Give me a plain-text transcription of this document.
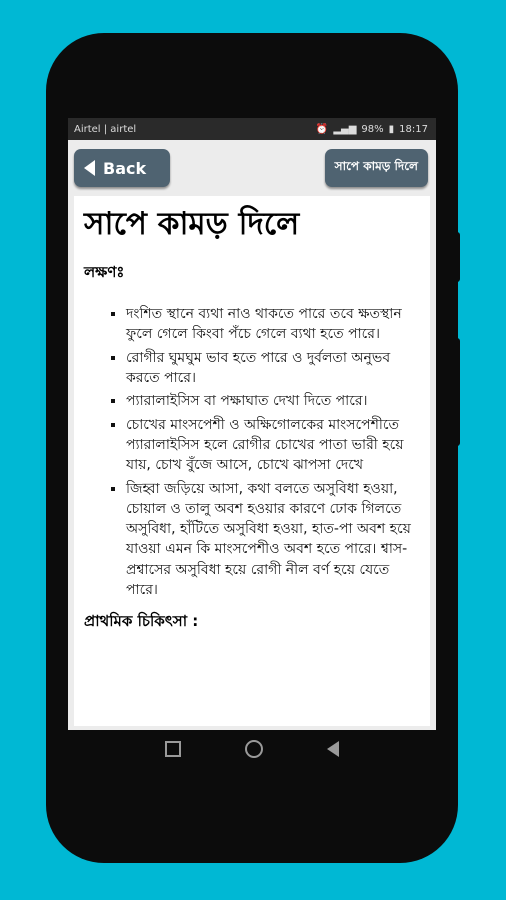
Airtel | airtel	⏰ ▂▄▆ 98% ▮ 18:17
Back	সাপে কামড় দিলে
সাপে কামড় দিলে
লক্ষণঃ
▪ দংশিত স্থানে ব্যথা নাও থাকতে পারে তবে ক্ষতস্থান ফুলে গেলে কিংবা পঁচে গেলে ব্যথা হতে পারে।
▪ রোগীর ঘুমঘুম ভাব হতে পারে ও দুর্বলতা অনুভব করতে পারে।
▪ প্যারালাইসিস বা পক্ষাঘাত দেখা দিতে পারে।
▪ চোখের মাংসপেশী ও অক্ষিগোলকের মাংসপেশীতে প্যারালাইসিস হলে রোগীর চোখের পাতা ভারী হয়ে যায়, চোখ বুঁজে আসে, চোখে ঝাপসা দেখে
▪ জিহ্বা জড়িয়ে আসা, কথা বলতে অসুবিধা হওয়া, চোয়াল ও তালু অবশ হওয়ার কারণে ঢোক গিলতে অসুবিধা, হাঁটিতে অসুবিধা হওয়া, হাত-পা অবশ হয়ে যাওয়া এমন কি মাংসপেশীও অবশ হতে পারে। শ্বাস-প্রশ্বাসের অসুবিধা হয়ে রোগী নীল বর্ণ হয়ে যেতে পারে।
প্রাথমিক চিকিৎসা :
